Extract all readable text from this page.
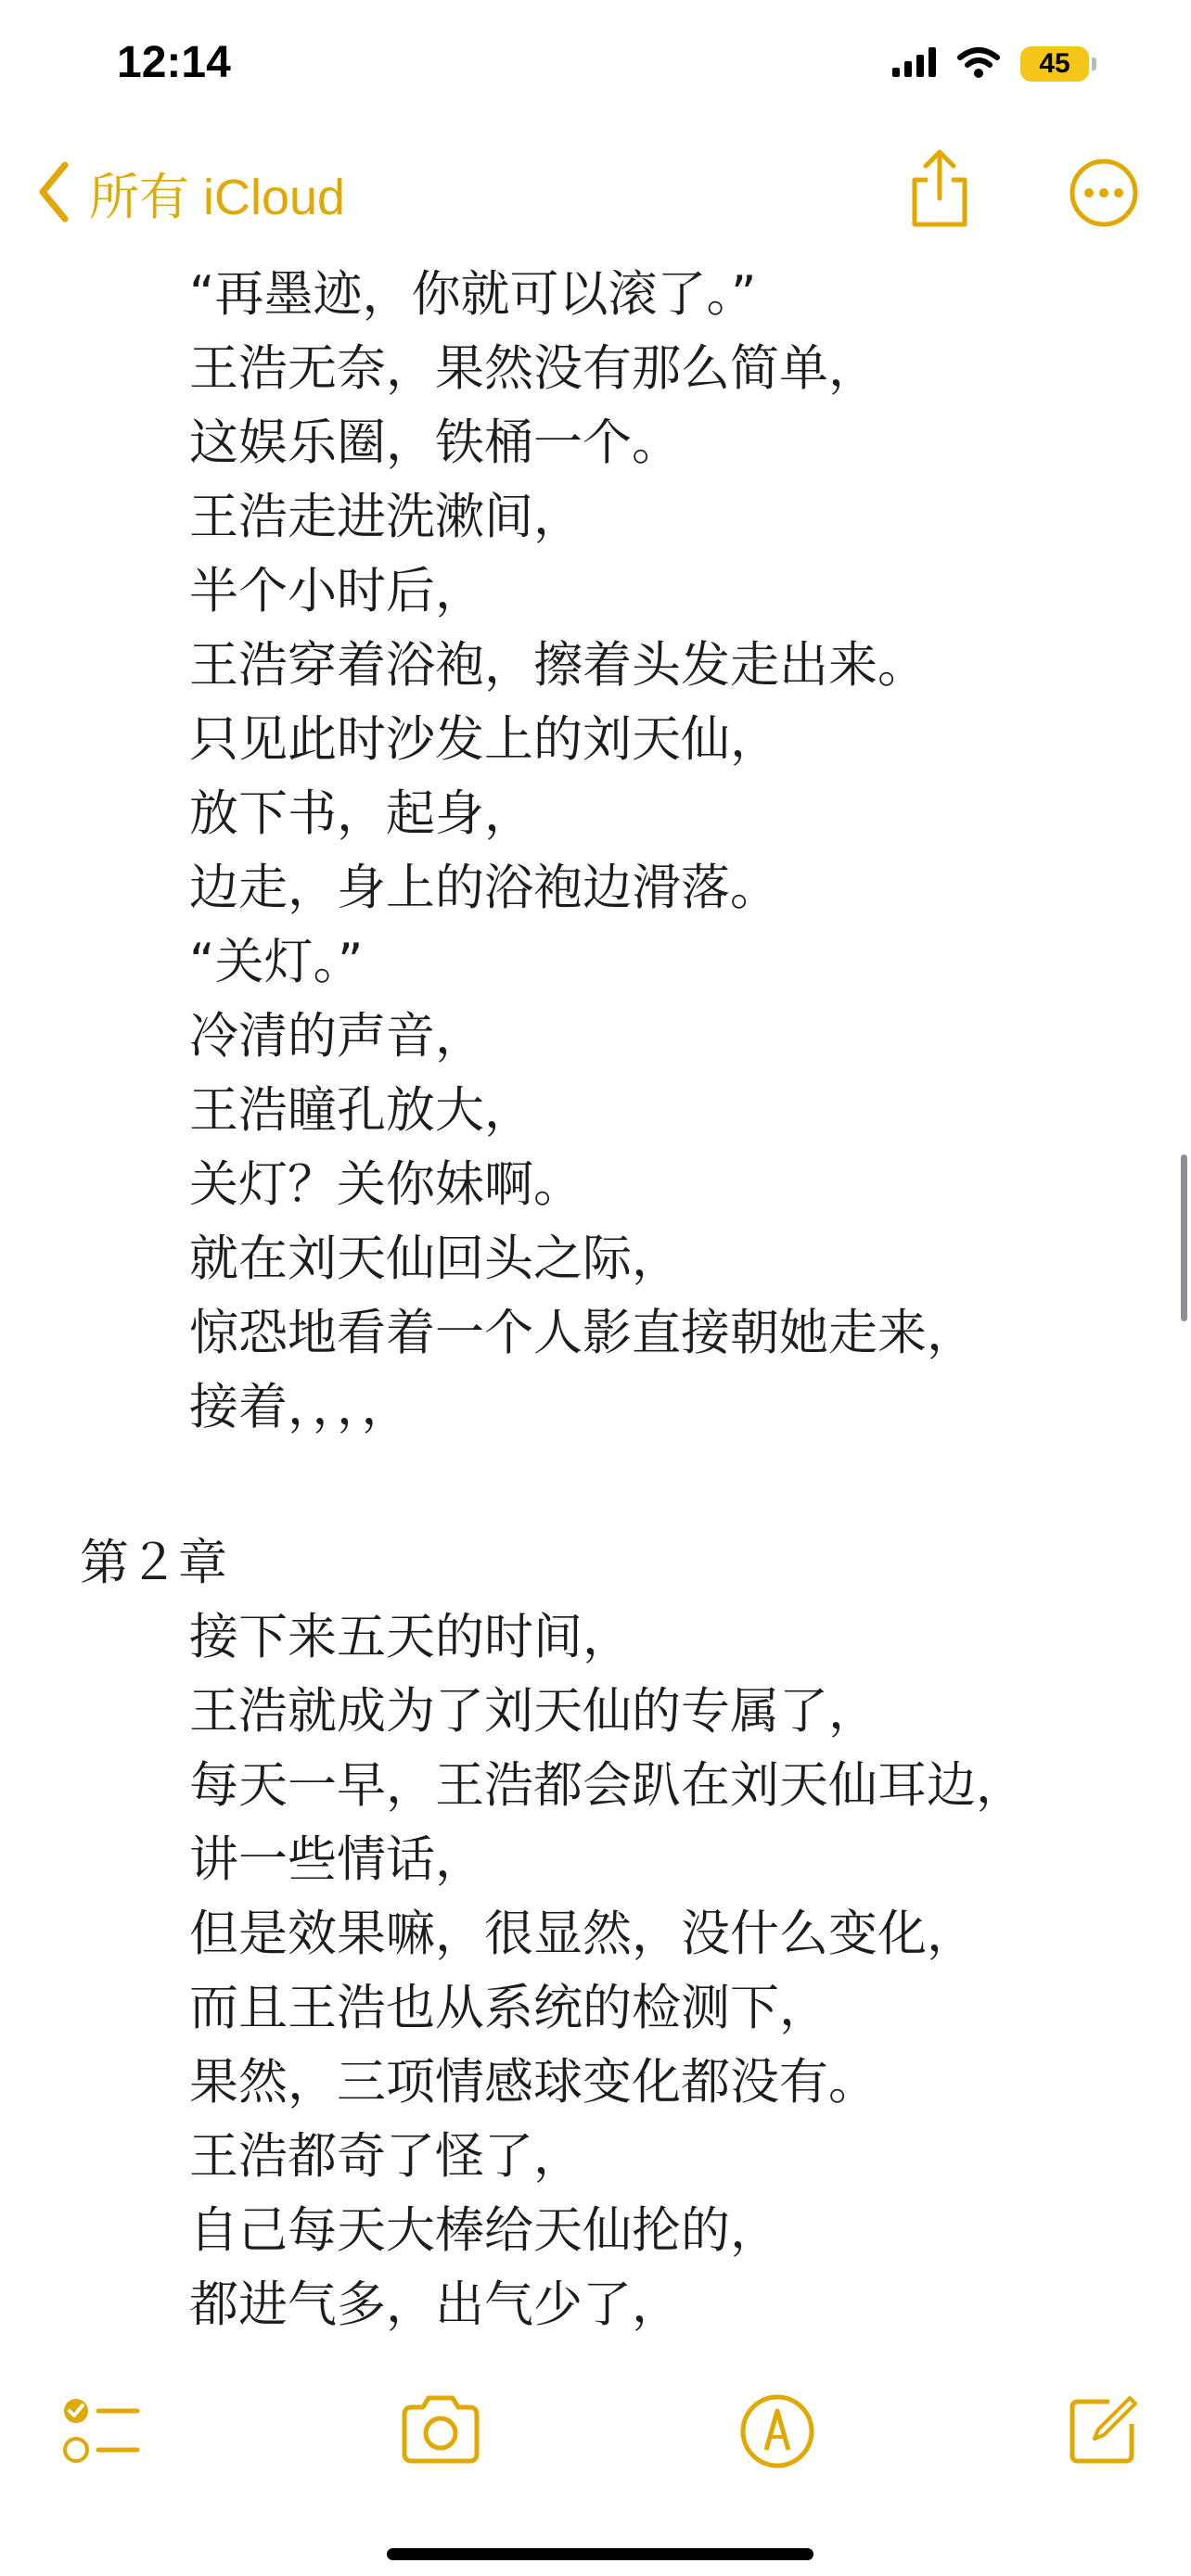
12:14	45
所有 iCloud
“再墨迹，你就可以滚了。”
王浩无奈，果然没有那么简单，
这娱乐圈，铁桶一个。
王浩走进洗漱间，
半个小时后，
王浩穿着浴袍，擦着头发走出来。
只见此时沙发上的刘天仙，
放下书，起身，
边走，身上的浴袍边滑落。
“关灯。”
冷清的声音，
王浩瞳孔放大，
关灯？关你妹啊。
就在刘天仙回头之际，
惊恐地看着一个人影直接朝她走来，
接着，，，，
第２章
接下来五天的时间，
王浩就成为了刘天仙的专属了，
每天一早，王浩都会趴在刘天仙耳边，
讲一些情话，
但是效果嘛，很显然，没什么变化，
而且王浩也从系统的检测下，
果然，三项情感球变化都没有。
王浩都奇了怪了，
自己每天大棒给天仙抡的，
都进气多，出气少了，
